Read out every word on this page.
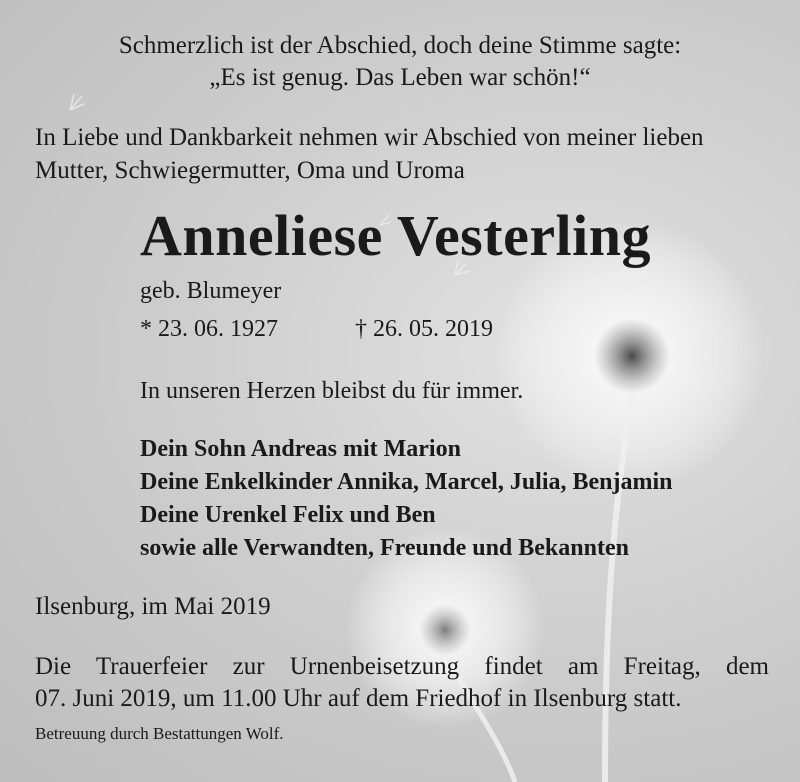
Schmerzlich ist der Abschied, doch deine Stimme sagte:

„Es ist genug. Das Leben war schön!“

In Liebe und Dankbarkeit nehmen wir Abschied von meiner lieben

Mutter, Schwiegermutter, Oma und Uroma

Anneliese Vesterling

geb. Blumeyer

* 23. 06. 1927	† 26. 05. 2019

In unseren Herzen bleibst du für immer.

Dein Sohn Andreas mit Marion

Deine Enkelkinder Annika, Marcel, Julia, Benjamin

Deine Urenkel Felix und Ben

sowie alle Verwandten, Freunde und Bekannten

Ilsenburg, im Mai 2019

Die Trauerfeier zur Urnenbeisetzung findet am Freitag, dem

07. Juni 2019, um 11.00 Uhr auf dem Friedhof in Ilsenburg statt.

Betreuung durch Bestattungen Wolf.
